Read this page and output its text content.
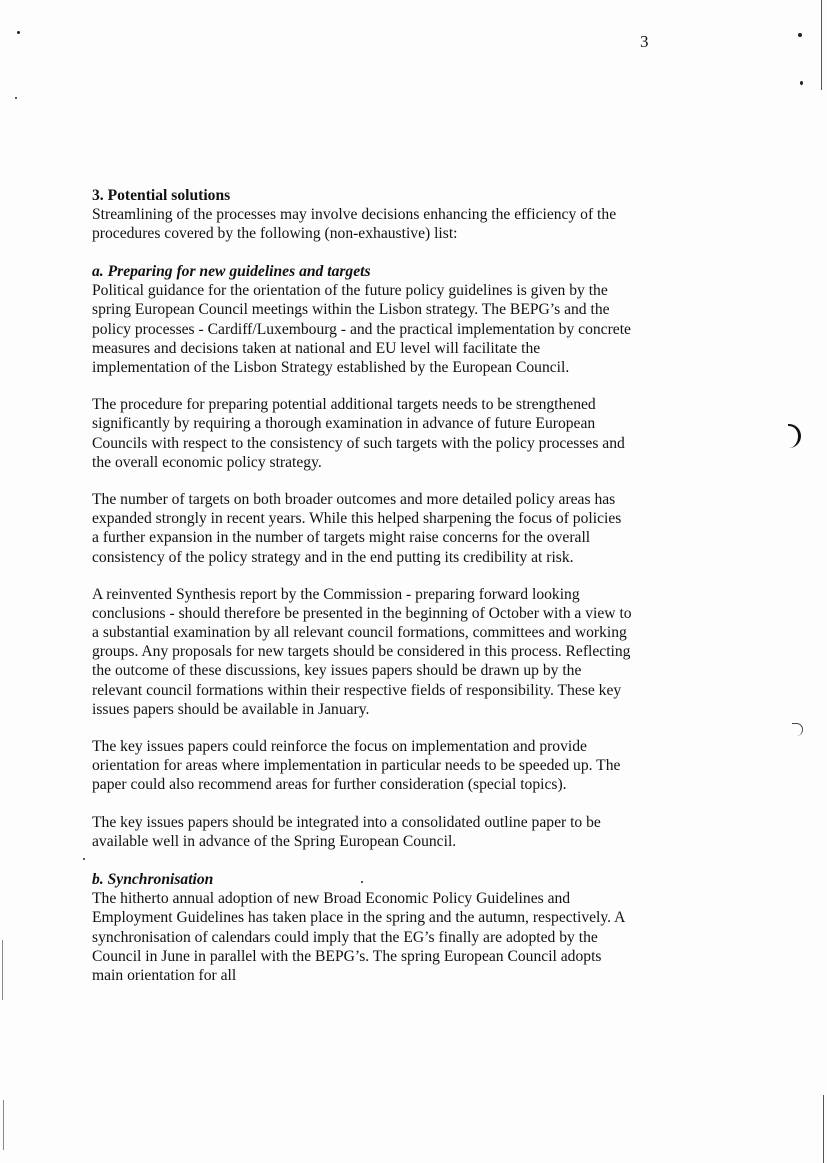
3

3. Potential solutions

Streamlining of the processes may involve decisions enhancing the efficiency of the procedures covered by the following (non-exhaustive) list:

a. Preparing for new guidelines and targets

Political guidance for the orientation of the future policy guidelines is given by the spring European Council meetings within the Lisbon strategy. The BEPG’s and the policy processes - Cardiff/Luxembourg - and the practical implementation by concrete measures and decisions taken at national and EU level will facilitate the implementation of the Lisbon Strategy established by the European Council.

The procedure for preparing potential additional targets needs to be strengthened significantly by requiring a thorough examination in advance of future European Councils with respect to the consistency of such targets with the policy processes and the overall economic policy strategy.

The number of targets on both broader outcomes and more detailed policy areas has expanded strongly in recent years. While this helped sharpening the focus of policies a further expansion in the number of targets might raise concerns for the overall consistency of the policy strategy and in the end putting its credibility at risk.

A reinvented Synthesis report by the Commission - preparing forward looking conclusions - should therefore be presented in the beginning of October with a view to a substantial examination by all relevant council formations, committees and working groups. Any proposals for new targets should be considered in this process. Reflecting the outcome of these discussions, key issues papers should be drawn up by the relevant council formations within their respective fields of responsibility. These key issues papers should be available in January.

The key issues papers could reinforce the focus on implementation and provide orientation for areas where implementation in particular needs to be speeded up. The paper could also recommend areas for further consideration (special topics).

The key issues papers should be integrated into a consolidated outline paper to be available well in advance of the Spring European Council.

b. Synchronisation

The hitherto annual adoption of new Broad Economic Policy Guidelines and Employment Guidelines has taken place in the spring and the autumn, respectively. A synchronisation of calendars could imply that the EG’s finally are adopted by the Council in June in parallel with the BEPG’s. The spring European Council adopts main orientation for all
